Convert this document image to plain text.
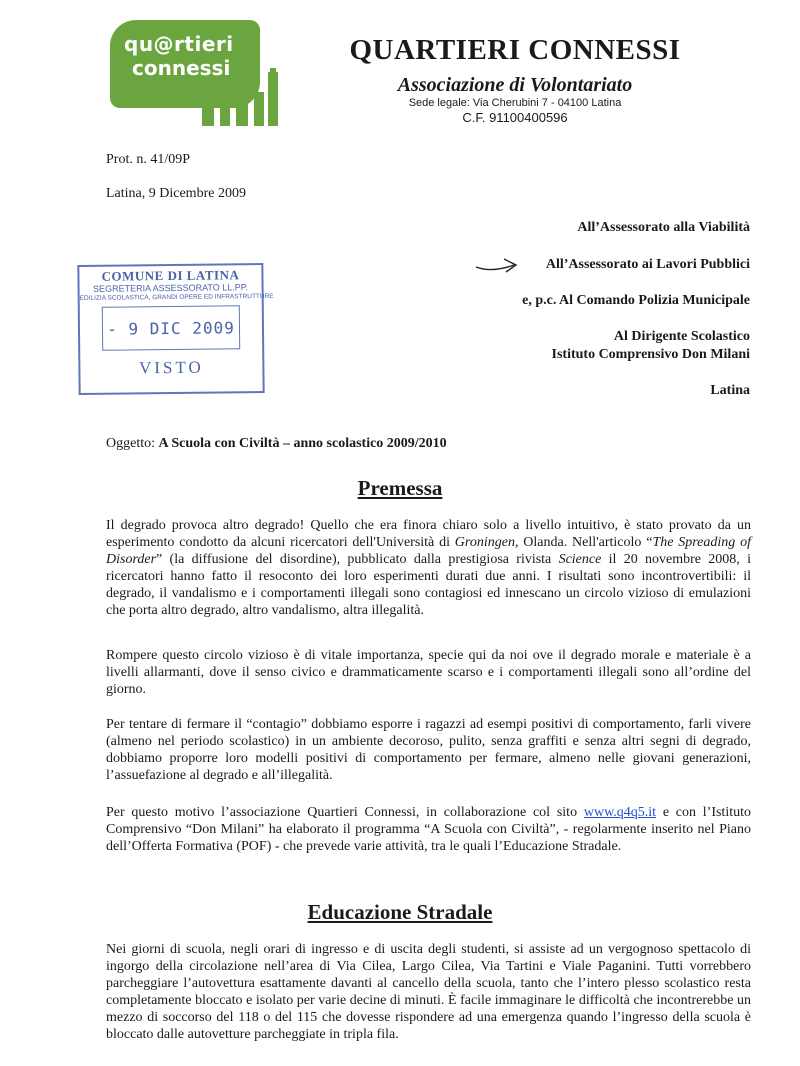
qu@rtieri
connessi
QUARTIERI CONNESSI
Associazione di Volontariato
Sede legale: Via Cherubini 7 - 04100 Latina
C.F. 91100400596
Prot. n. 41/09P
Latina, 9 Dicembre 2009
All’Assessorato alla Viabilità
All’Assessorato ai Lavori Pubblici
e, p.c. Al Comando Polizia Municipale
Al Dirigente Scolastico
Istituto Comprensivo Don Milani
Latina
COMUNE DI LATINA
SEGRETERIA ASSESSORATO LL.PP.
EDILIZIA SCOLASTICA, GRANDI OPERE ED INFRASTRUTTURE
- 9 DIC 2009
VISTO
Oggetto: A Scuola con Civiltà – anno scolastico 2009/2010
Premessa
Il degrado provoca altro degrado! Quello che era finora chiaro solo a livello intuitivo, è stato provato da un esperimento condotto da alcuni ricercatori dell'Università di Groningen, Olanda. Nell'articolo “The Spreading of Disorder” (la diffusione del disordine), pubblicato dalla prestigiosa rivista Science il 20 novembre 2008, i ricercatori hanno fatto il resoconto dei loro esperimenti durati due anni. I risultati sono incontrovertibili: il degrado, il vandalismo e i comportamenti illegali sono contagiosi ed innescano un circolo vizioso di emulazioni che porta altro degrado, altro vandalismo, altra illegalità.
Rompere questo circolo vizioso è di vitale importanza, specie qui da noi ove il degrado morale e materiale è a livelli allarmanti, dove il senso civico e drammaticamente scarso e i comportamenti illegali sono all’ordine del giorno.
Per tentare di fermare il “contagio” dobbiamo esporre i ragazzi ad esempi positivi di comportamento, farli vivere (almeno nel periodo scolastico) in un ambiente decoroso, pulito, senza graffiti e senza altri segni di degrado, dobbiamo proporre loro modelli positivi di comportamento per fermare, almeno nelle giovani generazioni, l’assuefazione al degrado e all’illegalità.
Per questo motivo l’associazione Quartieri Connessi, in collaborazione col sito www.q4q5.it e con l’Istituto Comprensivo “Don Milani” ha elaborato il programma “A Scuola con Civiltà”, - regolarmente inserito nel Piano dell’Offerta Formativa (POF) - che prevede varie attività, tra le quali l’Educazione Stradale.
Educazione Stradale
Nei giorni di scuola, negli orari di ingresso e di uscita degli studenti, si assiste ad un vergognoso spettacolo di ingorgo della circolazione nell’area di Via Cilea, Largo Cilea, Via Tartini e Viale Paganini. Tutti vorrebbero parcheggiare l’autovettura esattamente davanti al cancello della scuola, tanto che l’intero plesso scolastico resta completamente bloccato e isolato per varie decine di minuti. È facile immaginare le difficoltà che incontrerebbe un mezzo di soccorso del 118 o del 115 che dovesse rispondere ad una emergenza quando l’ingresso della scuola è bloccato dalle autovetture parcheggiate in tripla fila.
